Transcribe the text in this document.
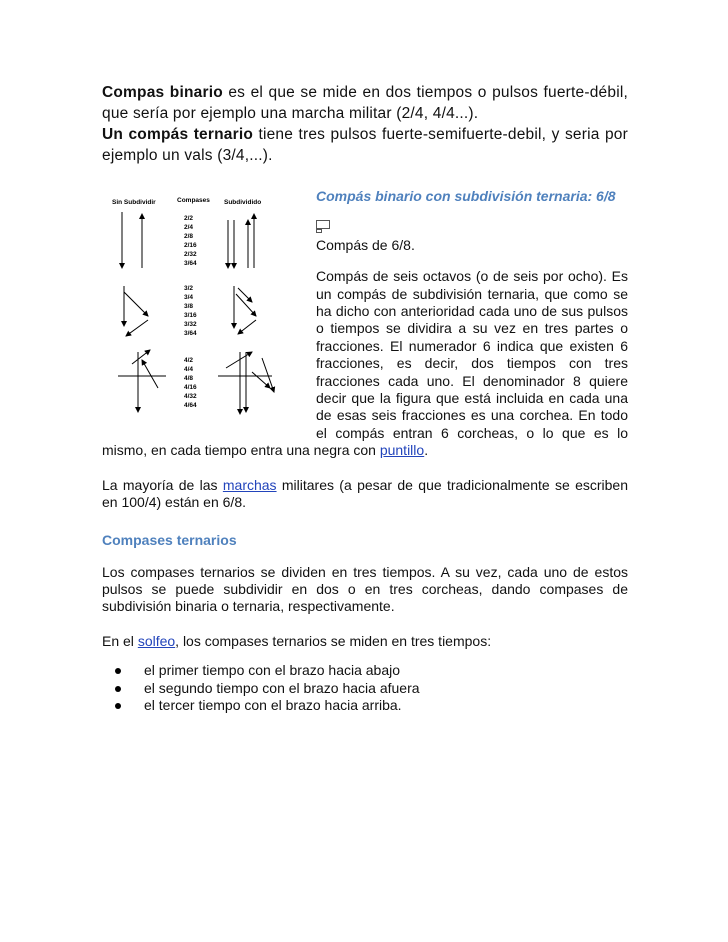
Compas binario es el que se mide en dos tiempos o pulsos fuerte-débil, que sería por ejemplo una marcha militar (2/4, 4/4...).
Un compás ternario tiene tres pulsos fuerte-semifuerte-debil, y seria por ejemplo un vals (3/4,...).

Sin Subdividir	Compases Subdividido
2/2
2/4
2/8
2/16
2/32
3/64
3/2
3/4
3/8
3/16
3/32
3/64
4/2
4/4
4/8
4/16
4/32
4/64
Compás binario con subdivisión ternaria: 6/8

Compás de 6/8.

Compás de seis octavos (o de seis por ocho). Es un compás de subdivisión ternaria, que como se ha dicho con anterioridad cada uno de sus pulsos o tiempos se dividira a su vez en tres partes o fracciones. El numerador 6 indica que existen 6 fracciones, es decir, dos tiempos con tres fracciones cada uno. El denominador 8 quiere decir que la figura que está incluida en cada una de esas seis fracciones es una corchea. En todo el compás entran 6 corcheas, o lo que es lo mismo, en cada tiempo entra una negra con puntillo.

La mayoría de las marchas militares (a pesar de que tradicionalmente se escriben en 100/4) están en 6/8.

Compases ternarios

Los compases ternarios se dividen en tres tiempos. A su vez, cada uno de estos pulsos se puede subdividir en dos o en tres corcheas, dando compases de subdivisión binaria o ternaria, respectivamente.

En el solfeo, los compases ternarios se miden en tres tiempos:

el primer tiempo con el brazo hacia abajo
el segundo tiempo con el brazo hacia afuera
el tercer tiempo con el brazo hacia arriba.
